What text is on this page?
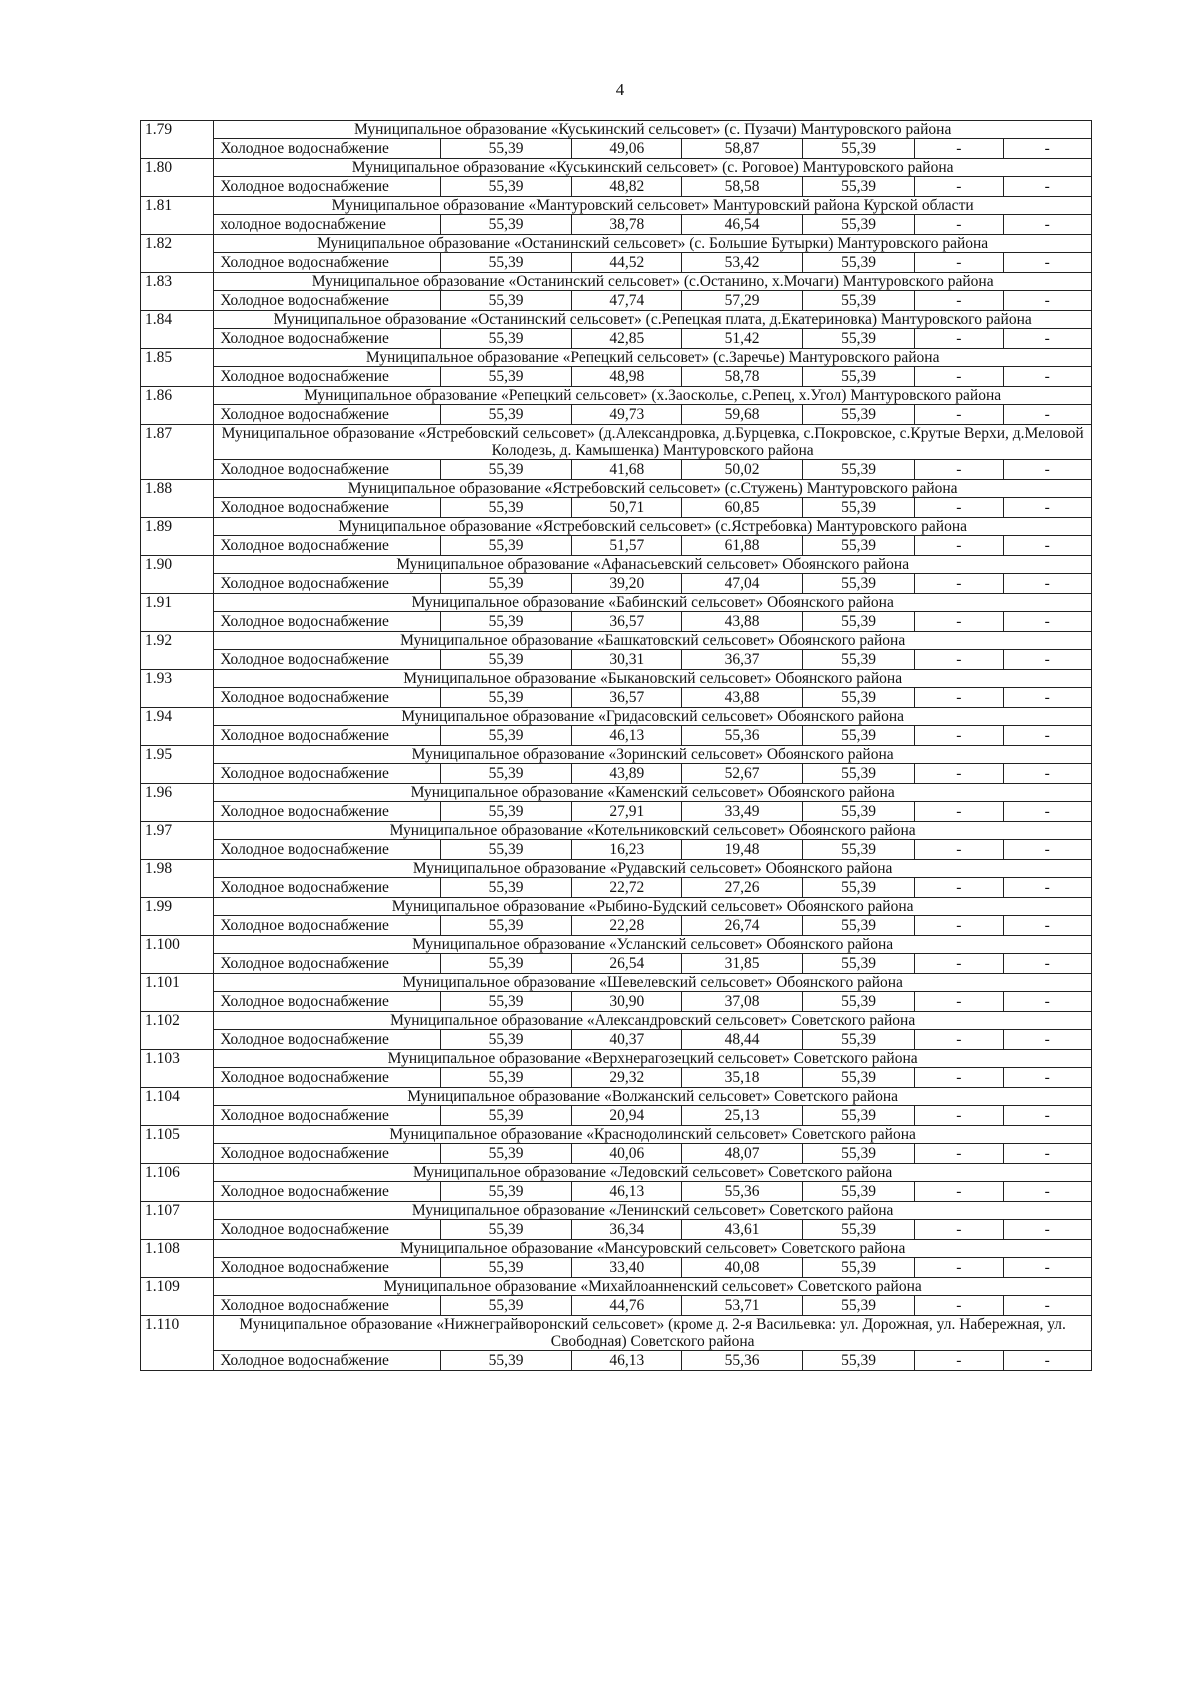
4
1.79	Муниципальное образование «Куськинский сельсовет» (с. Пузачи) Мантуровского района						
	Холодное водоснабжение	55,39	49,06	58,87	55,39	-	-
1.80	Муниципальное образование «Куськинский сельсовет» (с. Роговое) Мантуровского района						
	Холодное водоснабжение	55,39	48,82	58,58	55,39	-	-
1.81	Муниципальное образование «Мантуровский сельсовет» Мантуровский района Курской области						
	холодное водоснабжение	55,39	38,78	46,54	55,39	-	-
1.82	Муниципальное образование «Останинский сельсовет» (с. Большие Бутырки) Мантуровского района						
	Холодное водоснабжение	55,39	44,52	53,42	55,39	-	-
1.83	Муниципальное образование «Останинский сельсовет» (с.Останино, х.Мочаги) Мантуровского района						
	Холодное водоснабжение	55,39	47,74	57,29	55,39	-	-
1.84	Муниципальное образование «Останинский сельсовет» (с.Репецкая плата, д.Екатериновка) Мантуровского района						
	Холодное водоснабжение	55,39	42,85	51,42	55,39	-	-
1.85	Муниципальное образование «Репецкий сельсовет» (с.Заречье) Мантуровского района						
	Холодное водоснабжение	55,39	48,98	58,78	55,39	-	-
1.86	Муниципальное образование «Репецкий сельсовет» (х.Заосколье, с.Репец, х.Угол) Мантуровского района						
	Холодное водоснабжение	55,39	49,73	59,68	55,39	-	-
1.87	Муниципальное образование «Ястребовский сельсовет» (д.Александровка, д.Бурцевка, с.Покровское, с.Крутые Верхи, д.Меловой Колодезь, д. Камышенка) Мантуровского района						
	Холодное водоснабжение	55,39	41,68	50,02	55,39	-	-
1.88	Муниципальное образование «Ястребовский сельсовет» (с.Стужень) Мантуровского района						
	Холодное водоснабжение	55,39	50,71	60,85	55,39	-	-
1.89	Муниципальное образование «Ястребовский сельсовет» (с.Ястребовка) Мантуровского района						
	Холодное водоснабжение	55,39	51,57	61,88	55,39	-	-
1.90	Муниципальное образование «Афанасьевский сельсовет» Обоянского района						
	Холодное водоснабжение	55,39	39,20	47,04	55,39	-	-
1.91	Муниципальное образование «Бабинский сельсовет» Обоянского района						
	Холодное водоснабжение	55,39	36,57	43,88	55,39	-	-
1.92	Муниципальное образование «Башкатовский сельсовет» Обоянского района						
	Холодное водоснабжение	55,39	30,31	36,37	55,39	-	-
1.93	Муниципальное образование «Быкановский сельсовет» Обоянского района						
	Холодное водоснабжение	55,39	36,57	43,88	55,39	-	-
1.94	Муниципальное образование «Гридасовский сельсовет» Обоянского района						
	Холодное водоснабжение	55,39	46,13	55,36	55,39	-	-
1.95	Муниципальное образование «Зоринский сельсовет» Обоянского района						
	Холодное водоснабжение	55,39	43,89	52,67	55,39	-	-
1.96	Муниципальное образование «Каменский сельсовет» Обоянского района						
	Холодное водоснабжение	55,39	27,91	33,49	55,39	-	-
1.97	Муниципальное образование «Котельниковский сельсовет» Обоянского района						
	Холодное водоснабжение	55,39	16,23	19,48	55,39	-	-
1.98	Муниципальное образование «Рудавский сельсовет» Обоянского района						
	Холодное водоснабжение	55,39	22,72	27,26	55,39	-	-
1.99	Муниципальное образование «Рыбино-Будский сельсовет» Обоянского района						
	Холодное водоснабжение	55,39	22,28	26,74	55,39	-	-
1.100	Муниципальное образование «Усланский сельсовет» Обоянского района						
	Холодное водоснабжение	55,39	26,54	31,85	55,39	-	-
1.101	Муниципальное образование «Шевелевский сельсовет» Обоянского района						
	Холодное водоснабжение	55,39	30,90	37,08	55,39	-	-
1.102	Муниципальное образование «Александровский сельсовет» Советского района						
	Холодное водоснабжение	55,39	40,37	48,44	55,39	-	-
1.103	Муниципальное образование «Верхнерагозецкий сельсовет» Советского района						
	Холодное водоснабжение	55,39	29,32	35,18	55,39	-	-
1.104	Муниципальное образование «Волжанский сельсовет» Советского района						
	Холодное водоснабжение	55,39	20,94	25,13	55,39	-	-
1.105	Муниципальное образование «Краснодолинский сельсовет» Советского района						
	Холодное водоснабжение	55,39	40,06	48,07	55,39	-	-
1.106	Муниципальное образование «Ледовский сельсовет» Советского района						
	Холодное водоснабжение	55,39	46,13	55,36	55,39	-	-
1.107	Муниципальное образование «Ленинский сельсовет» Советского района						
	Холодное водоснабжение	55,39	36,34	43,61	55,39	-	-
1.108	Муниципальное образование «Мансуровский сельсовет» Советского района						
	Холодное водоснабжение	55,39	33,40	40,08	55,39	-	-
1.109	Муниципальное образование «Михайлоанненский сельсовет» Советского района						
	Холодное водоснабжение	55,39	44,76	53,71	55,39	-	-
1.110	Муниципальное образование «Нижнеграйворонский сельсовет» (кроме д. 2-я Васильевка: ул. Дорожная, ул. Набережная, ул. Свободная) Советского района						
	Холодное водоснабжение	55,39	46,13	55,36	55,39	-	-
